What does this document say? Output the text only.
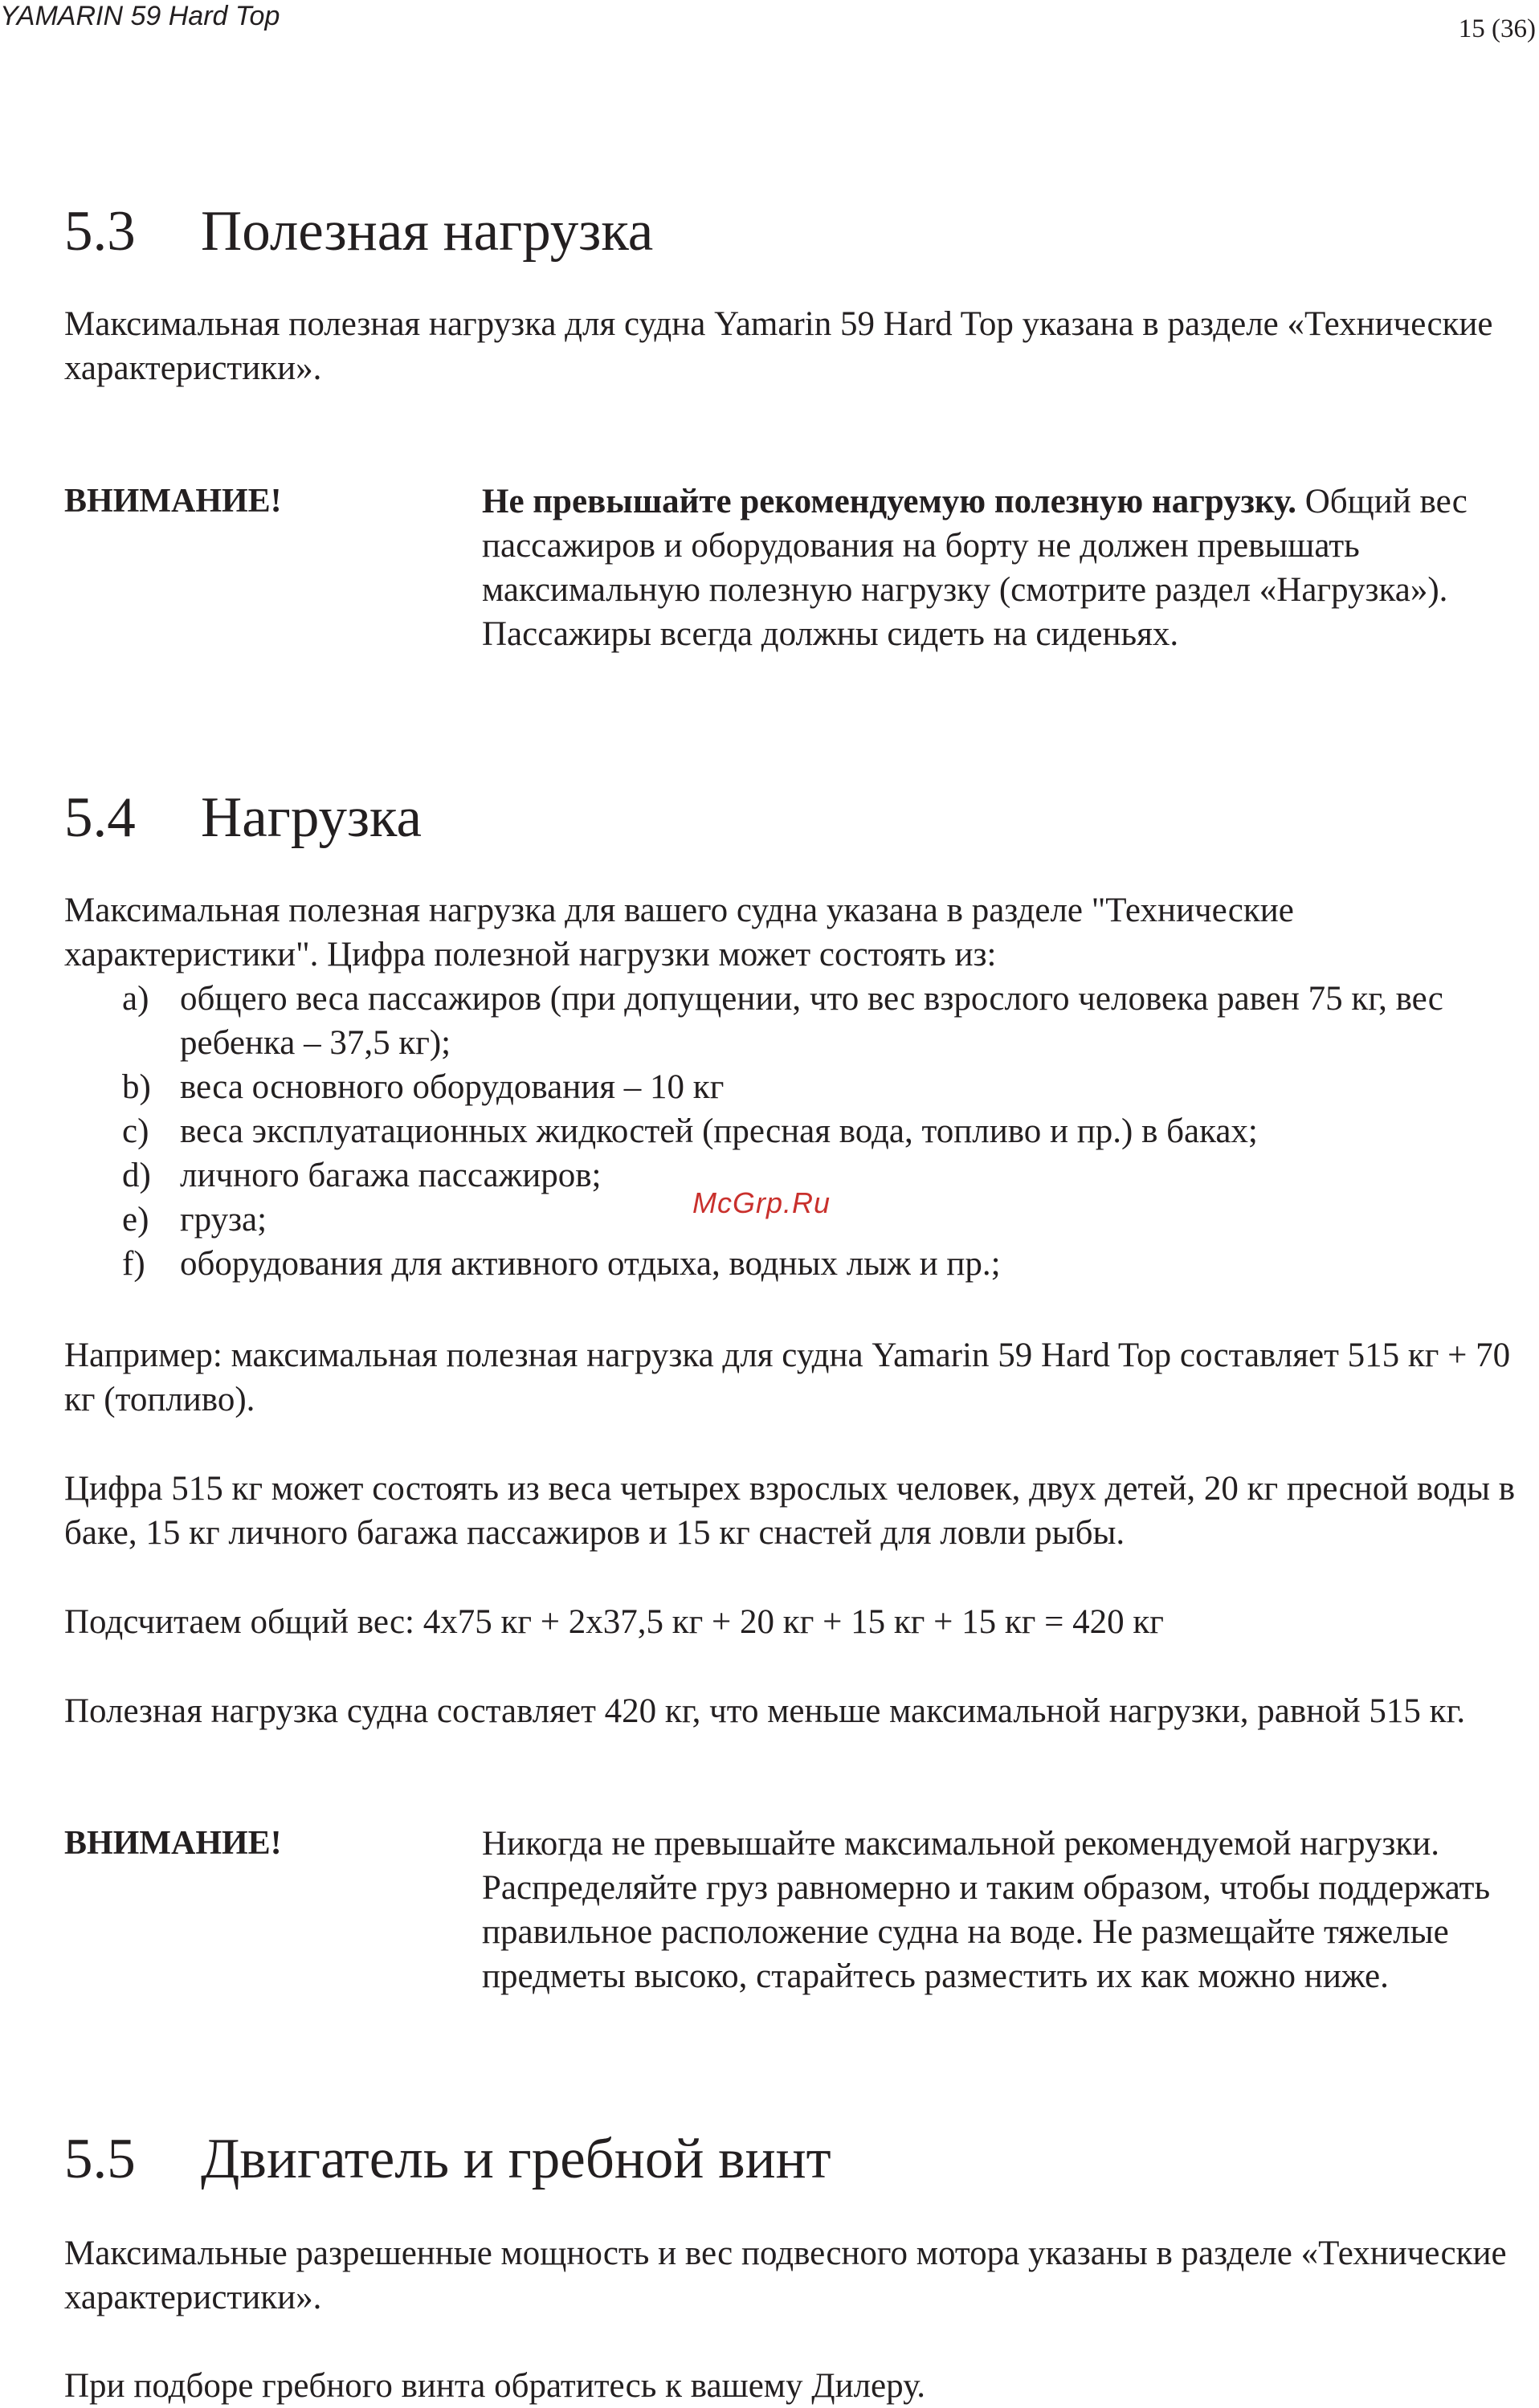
YAMARIN 59 Hard Top	15 (36)
5.3	Полезная нагрузка

Максимальная полезная нагрузка для судна Yamarin 59 Hard Top указана в разделе «Технические характеристики».

ВНИМАНИЕ!	Не превышайте рекомендуемую полезную нагрузку. Общий вес пассажиров и оборудования на борту не должен превышать максимальную полезную нагрузку (смотрите раздел «Нагрузка»). Пассажиры всегда должны сидеть на сиденьях.
5.4	Нагрузка

Максимальная полезная нагрузка для вашего судна указана в разделе "Технические характеристики". Цифра полезной нагрузки может состоять из:

a) общего веса пассажиров (при допущении, что вес взрослого человека равен 75 кг, вес ребенка – 37,5 кг);
b) веса основного оборудования – 10 кг
c) веса эксплуатационных жидкостей (пресная вода, топливо и пр.) в баках;
d) личного багажа пассажиров;
e) груза;
f)	оборудования для активного отдыха, водных лыж и пр.;
McGrp.Ru

Например: максимальная полезная нагрузка для судна Yamarin 59 Hard Top составляет 515 кг + 70 кг (топливо).

Цифра 515 кг может состоять из веса четырех взрослых человек, двух детей, 20 кг пресной воды в баке, 15 кг личного багажа пассажиров и 15 кг снастей для ловли рыбы.

Подсчитаем общий вес: 4x75 кг + 2x37,5 кг + 20 кг + 15 кг + 15 кг = 420 кг

Полезная нагрузка судна составляет 420 кг, что меньше максимальной нагрузки, равной 515 кг.

ВНИМАНИЕ!	Никогда не превышайте максимальной рекомендуемой нагрузки. Распределяйте груз равномерно и таким образом, чтобы поддержать правильное расположение судна на воде. Не размещайте тяжелые предметы высоко, старайтесь разместить их как можно ниже.

5.5	Двигатель и гребной винт

Максимальные разрешенные мощность и вес подвесного мотора указаны в разделе «Технические характеристики».

При подборе гребного винта обратитесь к вашему Дилеру.
